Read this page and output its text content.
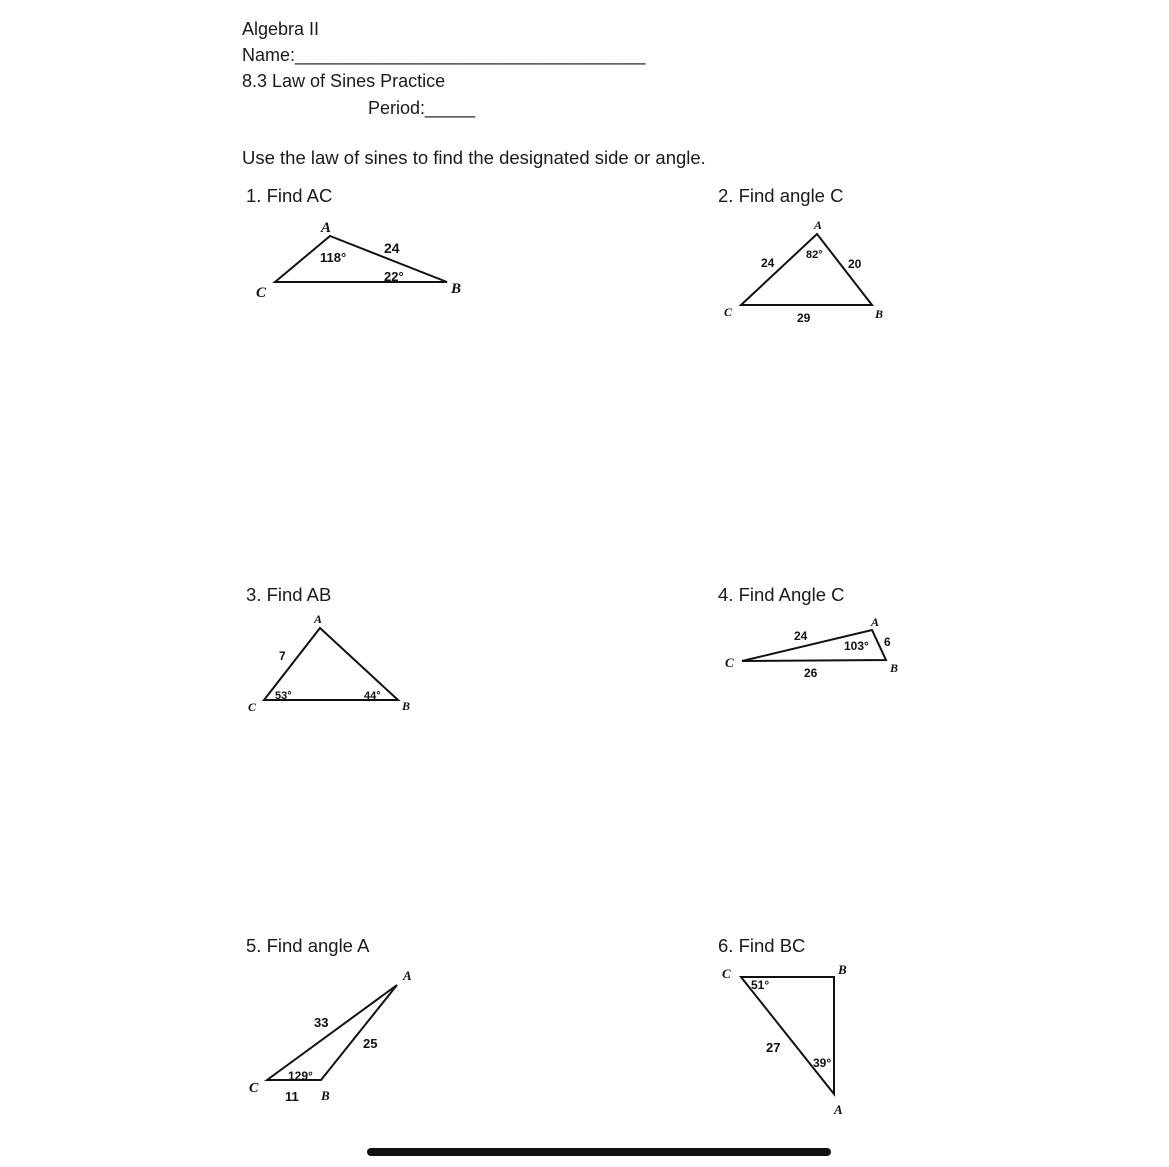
Algebra II
Name:___________________________________
8.3 Law of Sines Practice
Period:_____
Use the law of sines to find the designated side or angle.
1. Find AC	2. Find angle C
3. Find AB	4. Find Angle C
5. Find angle A	6. Find BC
A
B
C
24
118°
22°
A
B
C
24
82°
20
29
A
B
C
7
53°	44°
A
B
C
24
103° 6
26
A
B
C
33
25
129°
11
A
B
C
51°
27
39°
